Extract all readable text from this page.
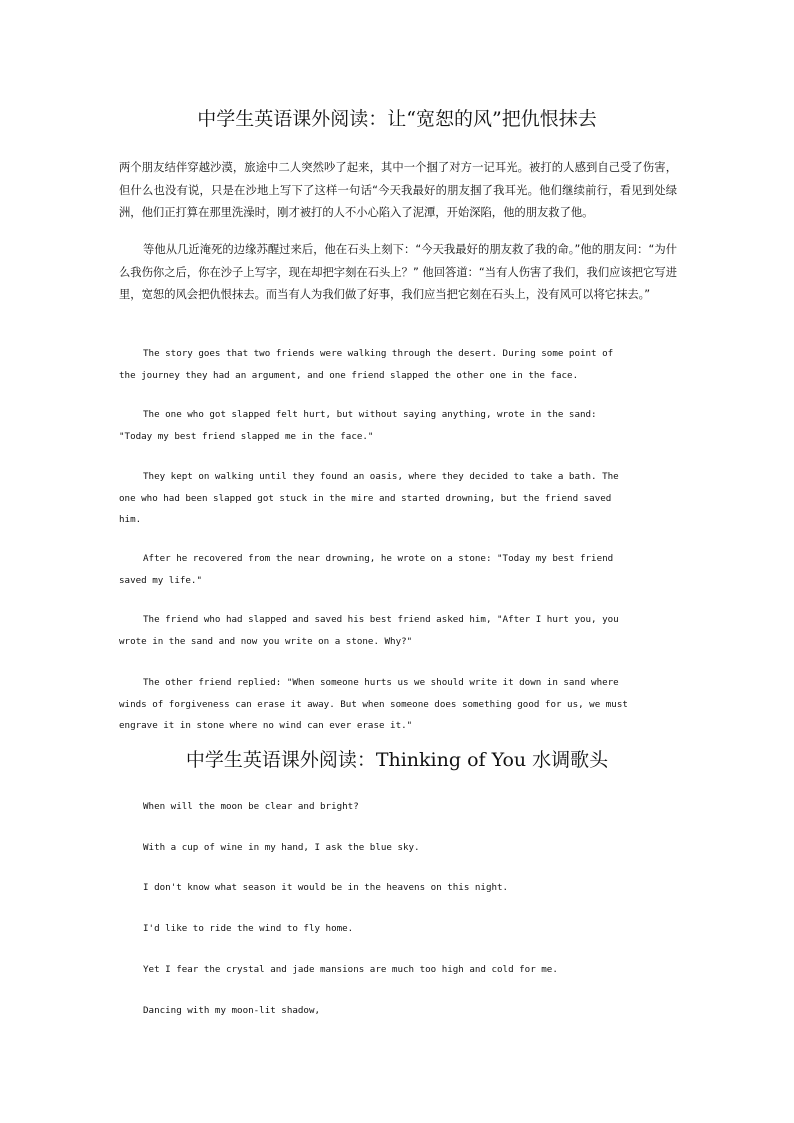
中学生英语课外阅读：让“宽恕的风”把仇恨抹去

两个朋友结伴穿越沙漠，旅途中二人突然吵了起来，其中一个掴了对方一记耳光。被打的人感到自己受了伤害，但什么也没有说，只是在沙地上写下了这样一句话“今天我最好的朋友掴了我耳光。他们继续前行，看见到处绿洲，他们正打算在那里洗澡时，刚才被打的人不小心陷入了泥潭，开始深陷，他的朋友救了他。

等他从几近淹死的边缘苏醒过来后，他在石头上刻下：“今天我最好的朋友救了我的命。”他的朋友问：“为什么我伤你之后，你在沙子上写字，现在却把字刻在石头上？” 他回答道：“当有人伤害了我们，我们应该把它写进里，宽恕的风会把仇恨抹去。而当有人为我们做了好事，我们应当把它刻在石头上，没有风可以将它抹去。”

The story goes that two friends were walking through the desert. During some point of
the journey they had an argument, and one friend slapped the other one in the face.

The one who got slapped felt hurt, but without saying anything, wrote in the sand:
"Today my best friend slapped me in the face."

They kept on walking until they found an oasis, where they decided to take a bath. The
one who had been slapped got stuck in the mire and started drowning, but the friend saved
him.

After he recovered from the near drowning, he wrote on a stone: "Today my best friend
saved my life."

The friend who had slapped and saved his best friend asked him, "After I hurt you, you
wrote in the sand and now you write on a stone. Why?"

The other friend replied: "When someone hurts us we should write it down in sand where
winds of forgiveness can erase it away. But when someone does something good for us, we must
engrave it in stone where no wind can ever erase it."

中学生英语课外阅读：Thinking of You 水调歌头

When will the moon be clear and bright?

With a cup of wine in my hand, I ask the blue sky.

I don't know what season it would be in the heavens on this night.

I'd like to ride the wind to fly home.

Yet I fear the crystal and jade mansions are much too high and cold for me.

Dancing with my moon-lit shadow,
